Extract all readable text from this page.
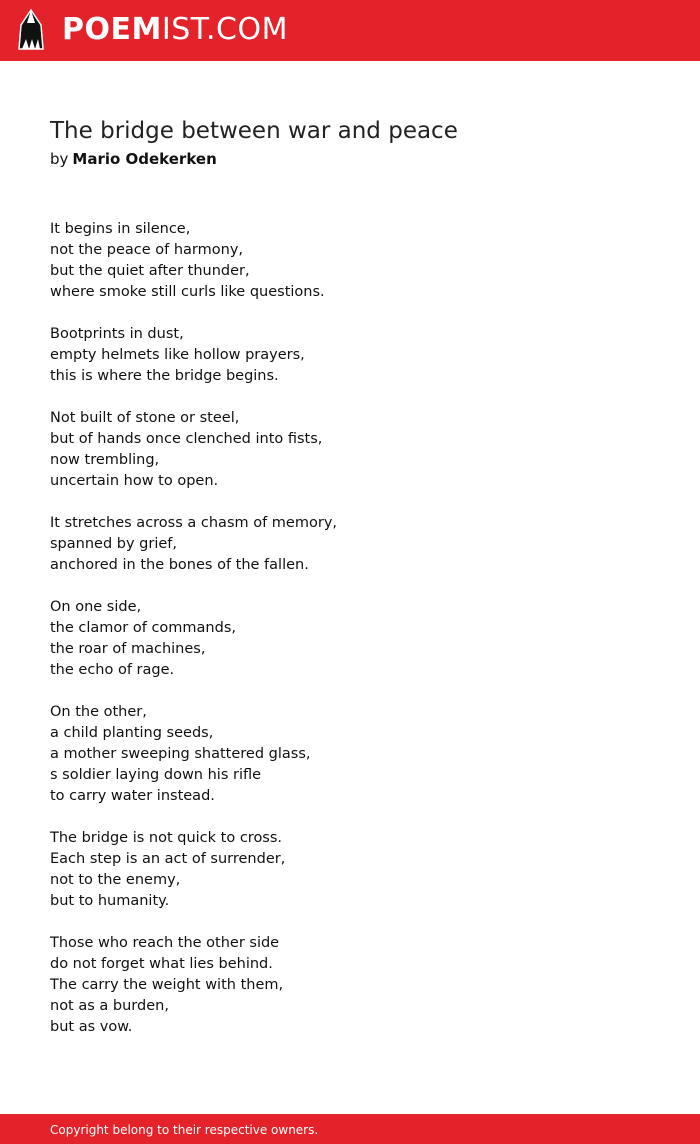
POEMIST.COM
The bridge between war and peace
by Mario Odekerken
It begins in silence,
not the peace of harmony,
but the quiet after thunder,
where smoke still curls like questions.
Bootprints in dust,
empty helmets like hollow prayers,
this is where the bridge begins.
Not built of stone or steel,
but of hands once clenched into fists,
now trembling,
uncertain how to open.
It stretches across a chasm of memory,
spanned by grief,
anchored in the bones of the fallen.
On one side,
the clamor of commands,
the roar of machines,
the echo of rage.
On the other,
a child planting seeds,
a mother sweeping shattered glass,
s soldier laying down his rifle
to carry water instead.
The bridge is not quick to cross.
Each step is an act of surrender,
not to the enemy,
but to humanity.
Those who reach the other side
do not forget what lies behind.
The carry the weight with them,
not as a burden,
but as vow.
Copyright belong to their respective owners.
